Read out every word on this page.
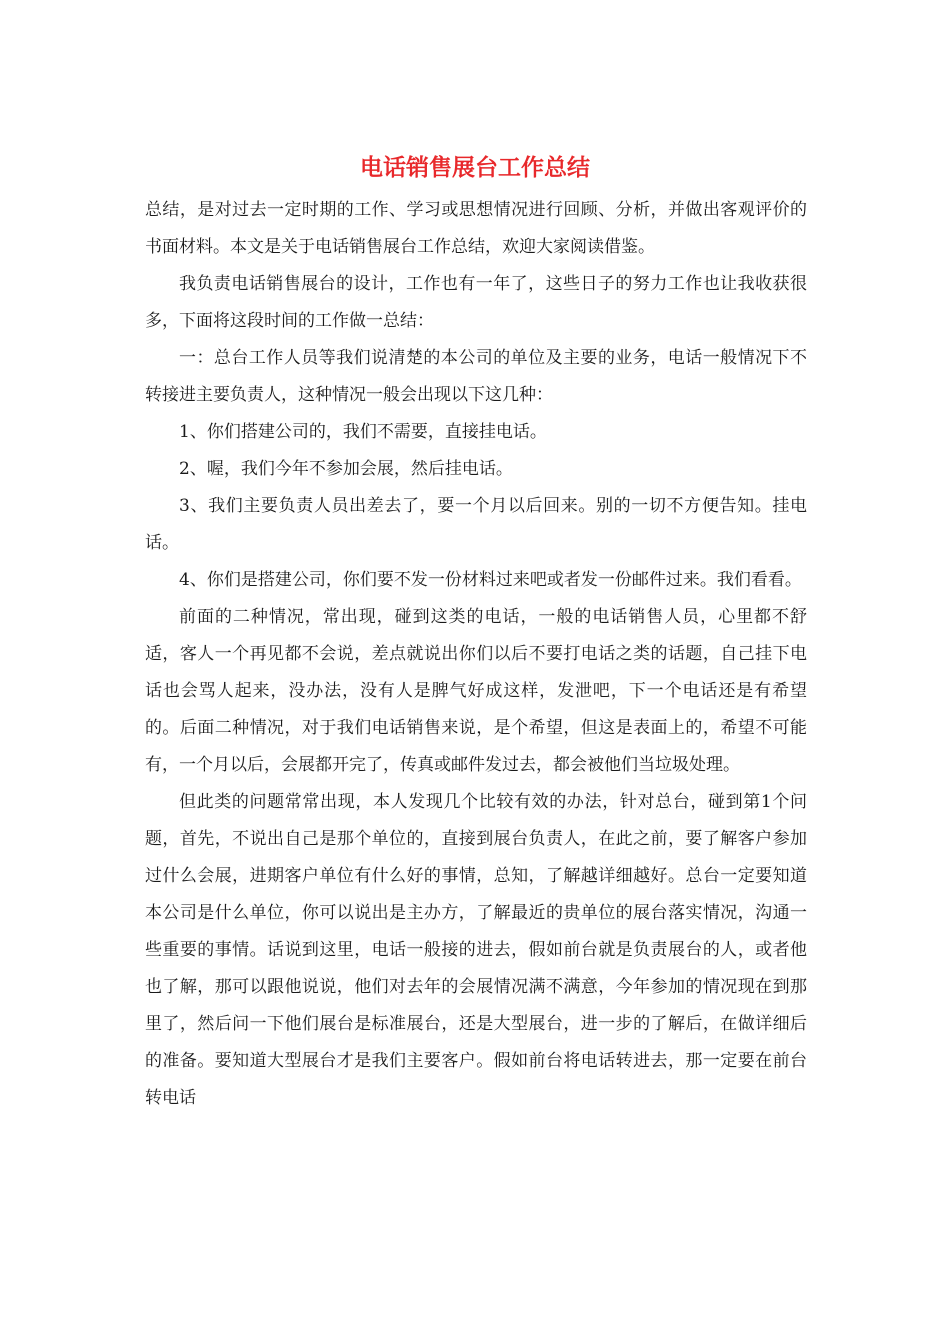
电话销售展台工作总结

总结，是对过去一定时期的工作、学习或思想情况进行回顾、分析，并做出客观评价的书面材料。本文是关于电话销售展台工作总结，欢迎大家阅读借鉴。

我负责电话销售展台的设计，工作也有一年了，这些日子的努力工作也让我收获很多，下面将这段时间的工作做一总结：

一：总台工作人员等我们说清楚的本公司的单位及主要的业务，电话一般情况下不转接进主要负责人，这种情况一般会出现以下这几种：

1、你们搭建公司的，我们不需要，直接挂电话。

2、喔，我们今年不参加会展，然后挂电话。

3、我们主要负责人员出差去了，要一个月以后回来。别的一切不方便告知。挂电话。

4、你们是搭建公司，你们要不发一份材料过来吧或者发一份邮件过来。我们看看。

前面的二种情况，常出现，碰到这类的电话，一般的电话销售人员，心里都不舒适，客人一个再见都不会说，差点就说出你们以后不要打电话之类的话题，自己挂下电话也会骂人起来，没办法，没有人是脾气好成这样，发泄吧，下一个电话还是有希望的。后面二种情况，对于我们电话销售来说，是个希望，但这是表面上的，希望不可能有，一个月以后，会展都开完了，传真或邮件发过去，都会被他们当垃圾处理。

但此类的问题常常出现，本人发现几个比较有效的办法，针对总台，碰到第1个问题，首先，不说出自己是那个单位的，直接到展台负责人，在此之前，要了解客户参加过什么会展，进期客户单位有什么好的事情，总知，了解越详细越好。总台一定要知道本公司是什么单位，你可以说出是主办方，了解最近的贵单位的展台落实情况，沟通一些重要的事情。话说到这里，电话一般接的进去，假如前台就是负责展台的人，或者他也了解，那可以跟他说说，他们对去年的会展情况满不满意，今年参加的情况现在到那里了，然后问一下他们展台是标准展台，还是大型展台，进一步的了解后，在做详细后的准备。要知道大型展台才是我们主要客户。假如前台将电话转进去，那一定要在前台转电话
